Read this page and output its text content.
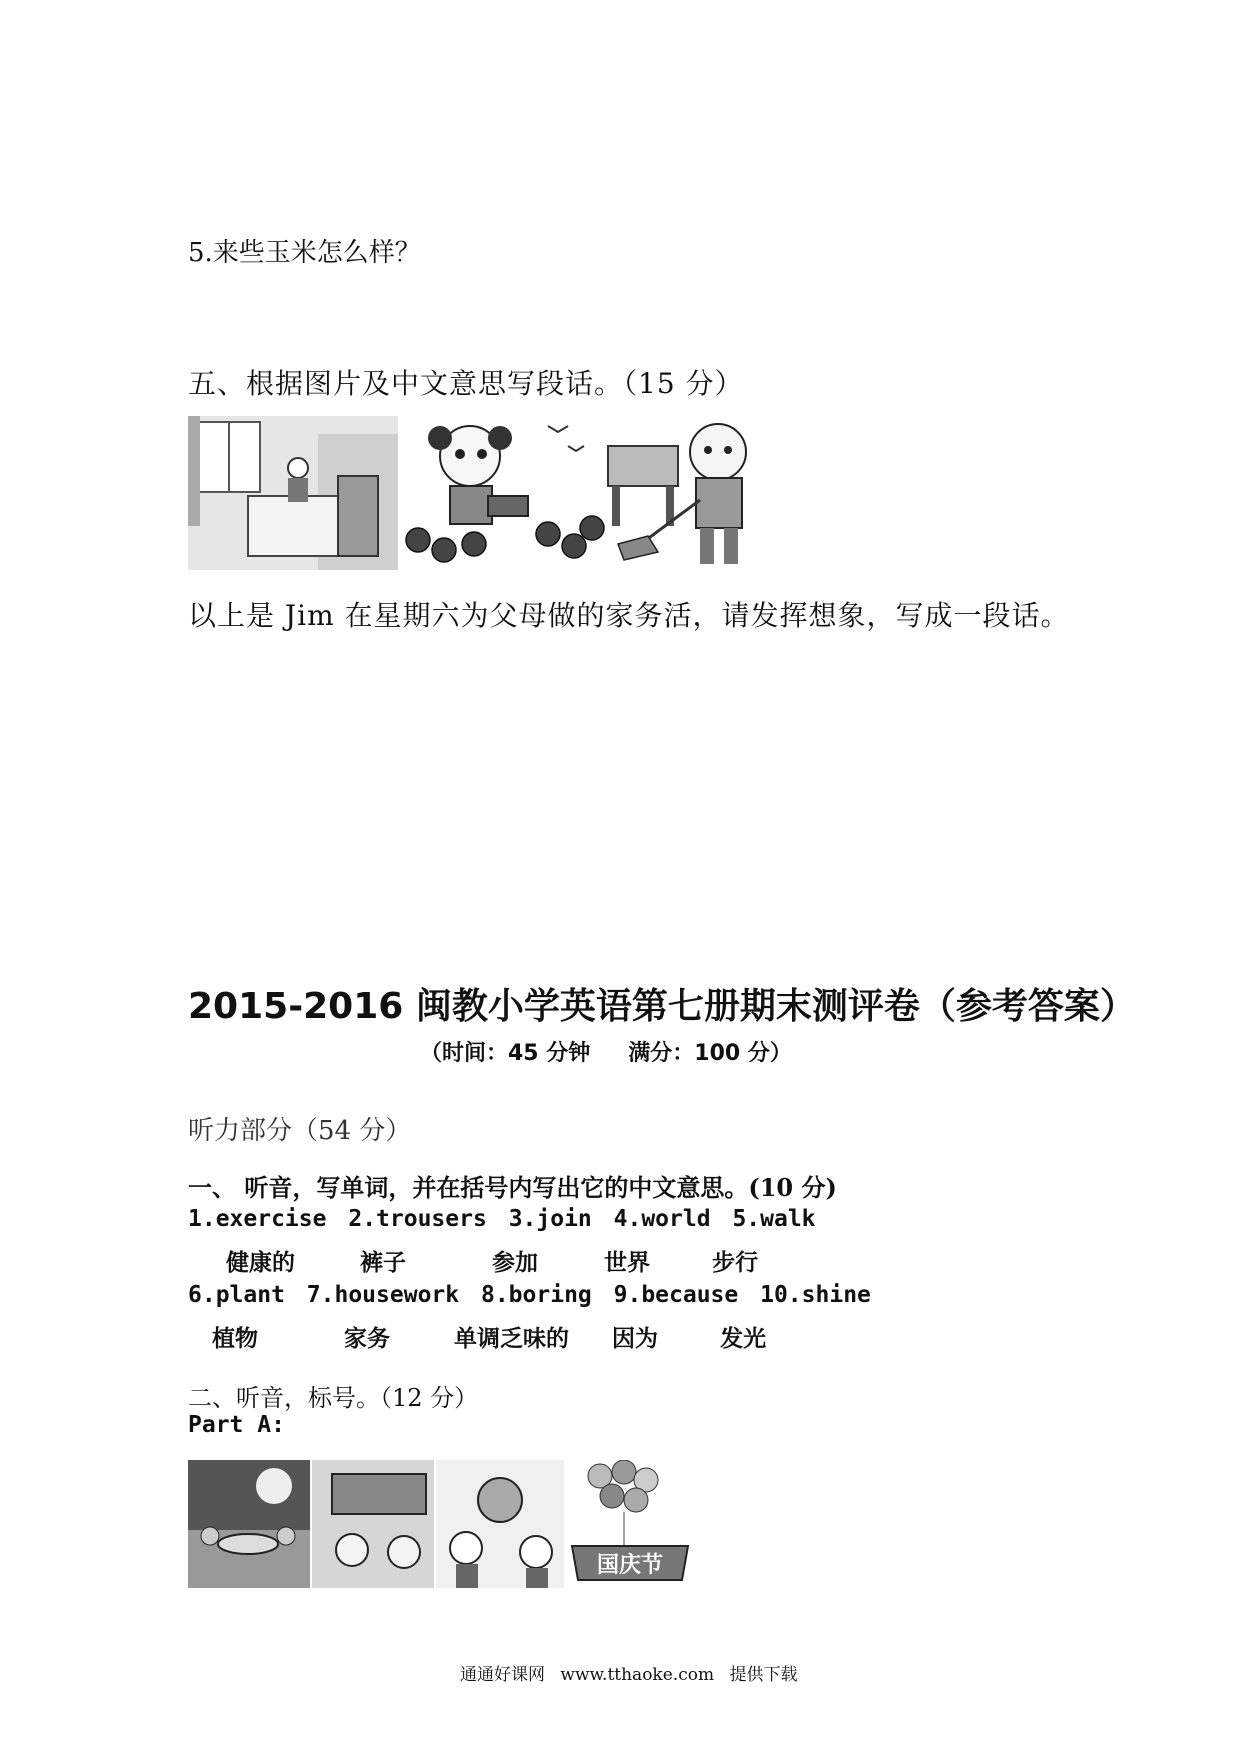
5.来些玉米怎么样？
五、根据图片及中文意思写段话。（15 分）
以上是 Jim 在星期六为父母做的家务活，请发挥想象，写成一段话。
2015-2016 闽教小学英语第七册期末测评卷（参考答案）
（时间：45 分钟 满分：100 分）
听力部分（54 分）
一、 听音，写单词，并在括号内写出它的中文意思。(10 分)
1.exercise 2.trousers 3.join 4.world 5.walk
健康的	裤子	参加	世界	步行
6.plant 7.housework 8.boring 9.because 10.shine
植物	家务	单调乏味的 因为	发光
二、听音，标号。（12 分）
Part A:
国庆节
通通好课网 www.tthaoke.com 提供下载
